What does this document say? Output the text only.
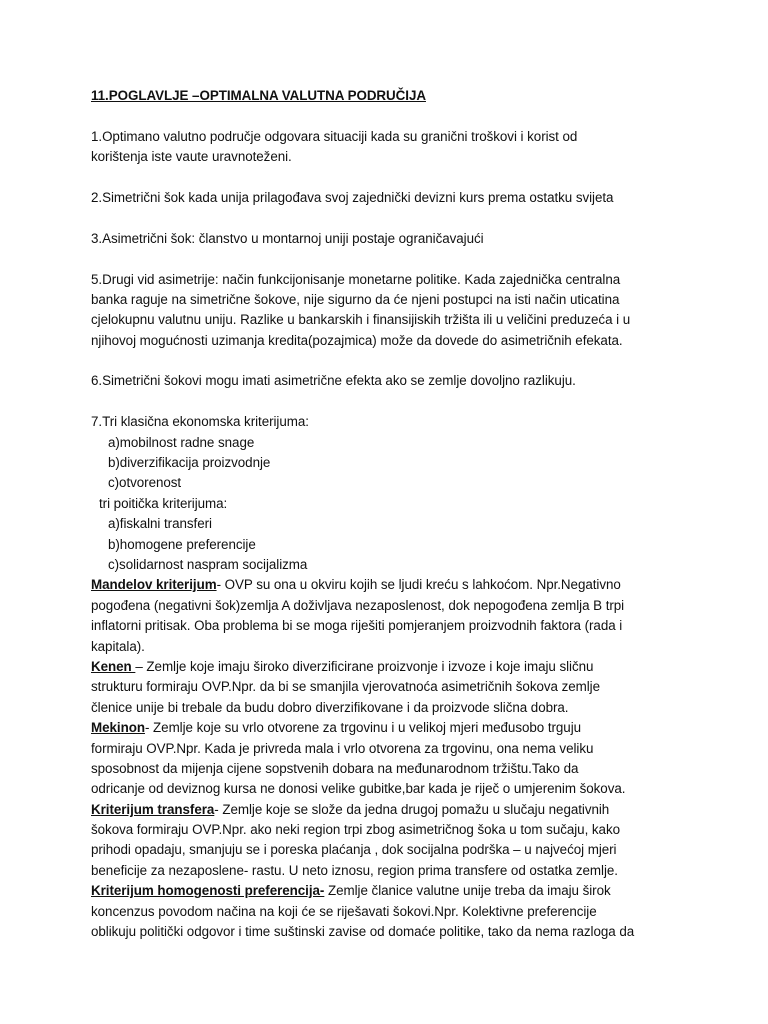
11.POGLAVLJE –OPTIMALNA VALUTNA PODRUČIJA
1.Optimano valutno područje odgovara situaciji kada su granični troškovi i korist od
korištenja iste vaute uravnoteženi.
2.Simetrični šok kada unija prilagođava svoj zajednički devizni kurs prema ostatku svijeta
3.Asimetrični šok: članstvo u montarnoj uniji postaje ograničavajući
5.Drugi vid asimetrije: način funkcijonisanje monetarne politike. Kada zajednička centralna
banka raguje na simetrične šokove, nije sigurno da će njeni postupci na isti način uticatina
cjelokupnu valutnu uniju. Razlike u bankarskih i finansijiskih tržišta ili u veličini preduzeća i u
njihovoj mogućnosti uzimanja kredita(pozajmica) može da dovede do asimetričnih efekata.
6.Simetrični šokovi mogu imati asimetrične efekta ako se zemlje dovoljno razlikuju.
7.Tri klasična ekonomska kriterijuma:
a)mobilnost radne snage
b)diverzifikacija proizvodnje
c)otvorenost
tri poitička kriterijuma:
a)fiskalni transferi
b)homogene preferencije
c)solidarnost naspram socijalizma
Mandelov kriterijum- OVP su ona u okviru kojih se ljudi kreću s lahkoćom. Npr.Negativno
pogođena (negativni šok)zemlja A doživljava nezaposlenost, dok nepogođena zemlja B trpi
inflatorni pritisak. Oba problema bi se moga riješiti pomjeranjem proizvodnih faktora (rada i
kapitala).
Kenen – Zemlje koje imaju široko diverzificirane proizvonje i izvoze i koje imaju sličnu
strukturu formiraju OVP.Npr. da bi se smanjila vjerovatnoća asimetričnih šokova zemlje
členice unije bi trebale da budu dobro diverzifikovane i da proizvode slična dobra.
Mekinon- Zemlje koje su vrlo otvorene za trgovinu i u velikoj mjeri međusobo trguju
formiraju OVP.Npr. Kada je privreda mala i vrlo otvorena za trgovinu, ona nema veliku
sposobnost da mijenja cijene sopstvenih dobara na međunarodnom tržištu.Tako da
odricanje od deviznog kursa ne donosi velike gubitke,bar kada je riječ o umjerenim šokova.
Kriterijum transfera- Zemlje koje se slože da jedna drugoj pomažu u slučaju negativnih
šokova formiraju OVP.Npr. ako neki region trpi zbog asimetričnog šoka u tom sučaju, kako
prihodi opadaju, smanjuju se i poreska plaćanja , dok socijalna podrška – u najvećoj mjeri
beneficije za nezaposlene- rastu. U neto iznosu, region prima transfere od ostatka zemlje.
Kriterijum homogenosti preferencija- Zemlje članice valutne unije treba da imaju širok
koncenzus povodom načina na koji će se riješavati šokovi.Npr. Kolektivne preferencije
oblikuju politički odgovor i time suštinski zavise od domaće politike, tako da nema razloga da
